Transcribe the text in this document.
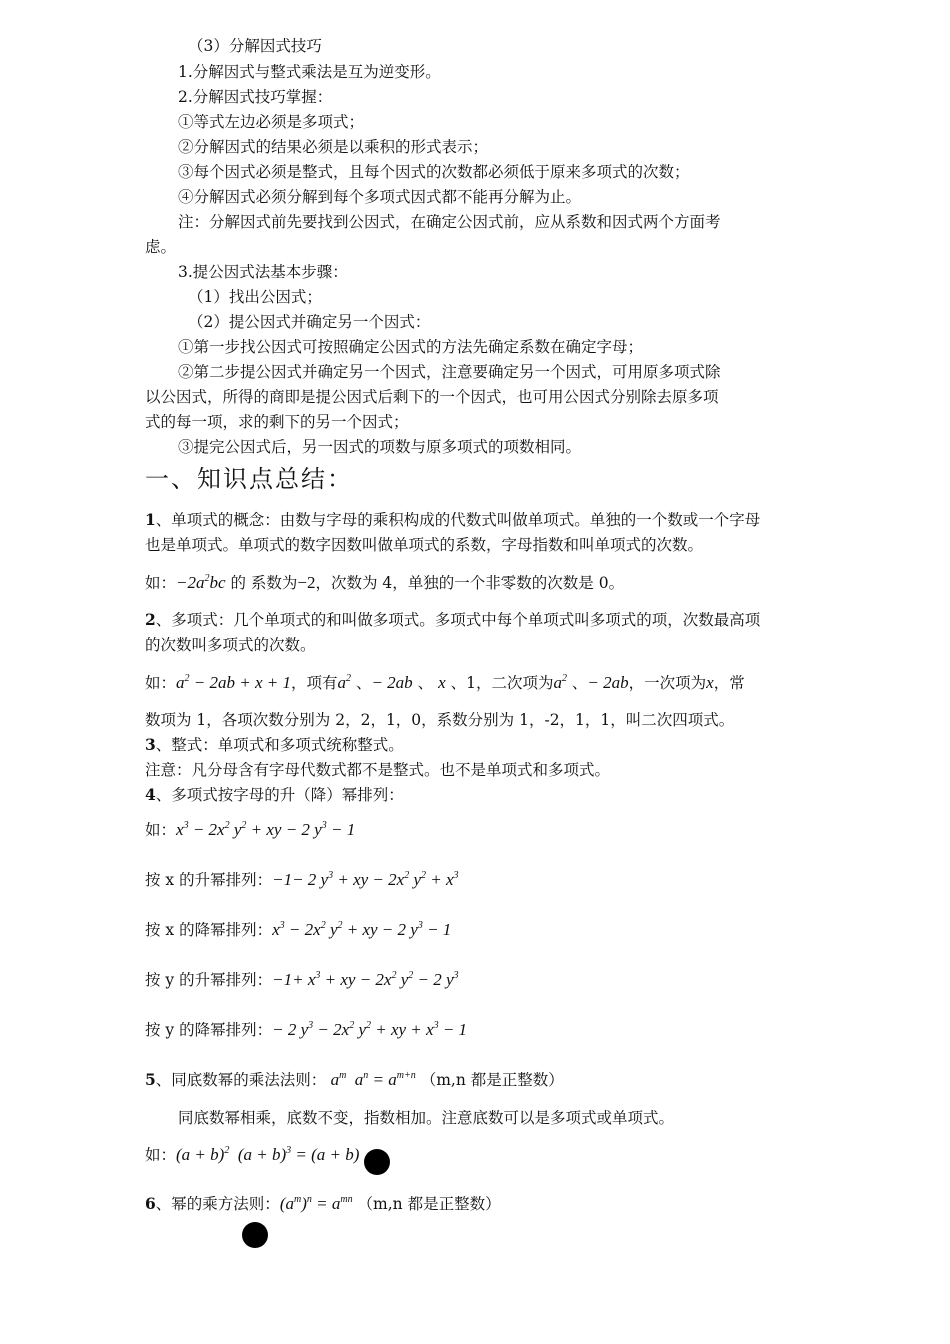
（3）分解因式技巧
1.分解因式与整式乘法是互为逆变形。
2.分解因式技巧掌握：
①等式左边必须是多项式；
②分解因式的结果必须是以乘积的形式表示；
③每个因式必须是整式，且每个因式的次数都必须低于原来多项式的次数；
④分解因式必须分解到每个多项式因式都不能再分解为止。
注：分解因式前先要找到公因式，在确定公因式前，应从系数和因式两个方面考
虑。
3.提公因式法基本步骤：
（1）找出公因式；
（2）提公因式并确定另一个因式：
①第一步找公因式可按照确定公因式的方法先确定系数在确定字母；
②第二步提公因式并确定另一个因式，注意要确定另一个因式，可用原多项式除
以公因式，所得的商即是提公因式后剩下的一个因式，也可用公因式分别除去原多项
式的每一项，求的剩下的另一个因式；
③提完公因式后，另一因式的项数与原多项式的项数相同。
一、知识点总结：
1、单项式的概念：由数与字母的乘积构成的代数式叫做单项式。单独的一个数或一个字母
也是单项式。单项式的数字因数叫做单项式的系数，字母指数和叫单项式的次数。
如：$-2a^2bc$ 的 系数为−2，次数为 4，单独的一个非零数的次数是 0。
2、多项式：几个单项式的和叫做多项式。多项式中每个单项式叫多项式的项，次数最高项
的次数叫多项式的次数。
如：$a^2 - 2ab + x + 1$，项有$a^2$ 、− 2ab 、 x 、1，二次项为$a^2$ 、− 2ab，一次项为x，常
数项为 1，各项次数分别为 2，2，1，0，系数分别为 1，-2，1，1，叫二次四项式。
3、整式：单项式和多项式统称整式。
注意：凡分母含有字母代数式都不是整式。也不是单项式和多项式。
4、多项式按字母的升（降）幂排列：
如：$x^3 - 2x^2$ $y^2$ + xy − 2 $y^3 - 1$
按 x 的升幂排列：−1− 2 $y^3$ + xy − $2x^2$ $y^2 + x^3$
按 x 的降幂排列：$x^3 - 2x^2$ $y^2$ + xy − 2 $y^3 - 1$
按 y 的升幂排列：$-1+ x^3$ + xy − $2x^2$ $y^2 - 2$ $y^3$
按 y 的降幂排列：− 2 $y^3 - 2x^2$ $y^2$ + xy + $x^3 - 1$
5、同底数幂的乘法法则： $a^m$  $a^n = a^{m+n}$ （m,n 都是正整数）
同底数幂相乘，底数不变，指数相加。注意底数可以是多项式或单项式。
如：$(a + b)^2$  $(a + b)^3 = (a + b)$
6、幂的乘方法则：$(a^m)^n = a^{mn}$ （m,n 都是正整数）
